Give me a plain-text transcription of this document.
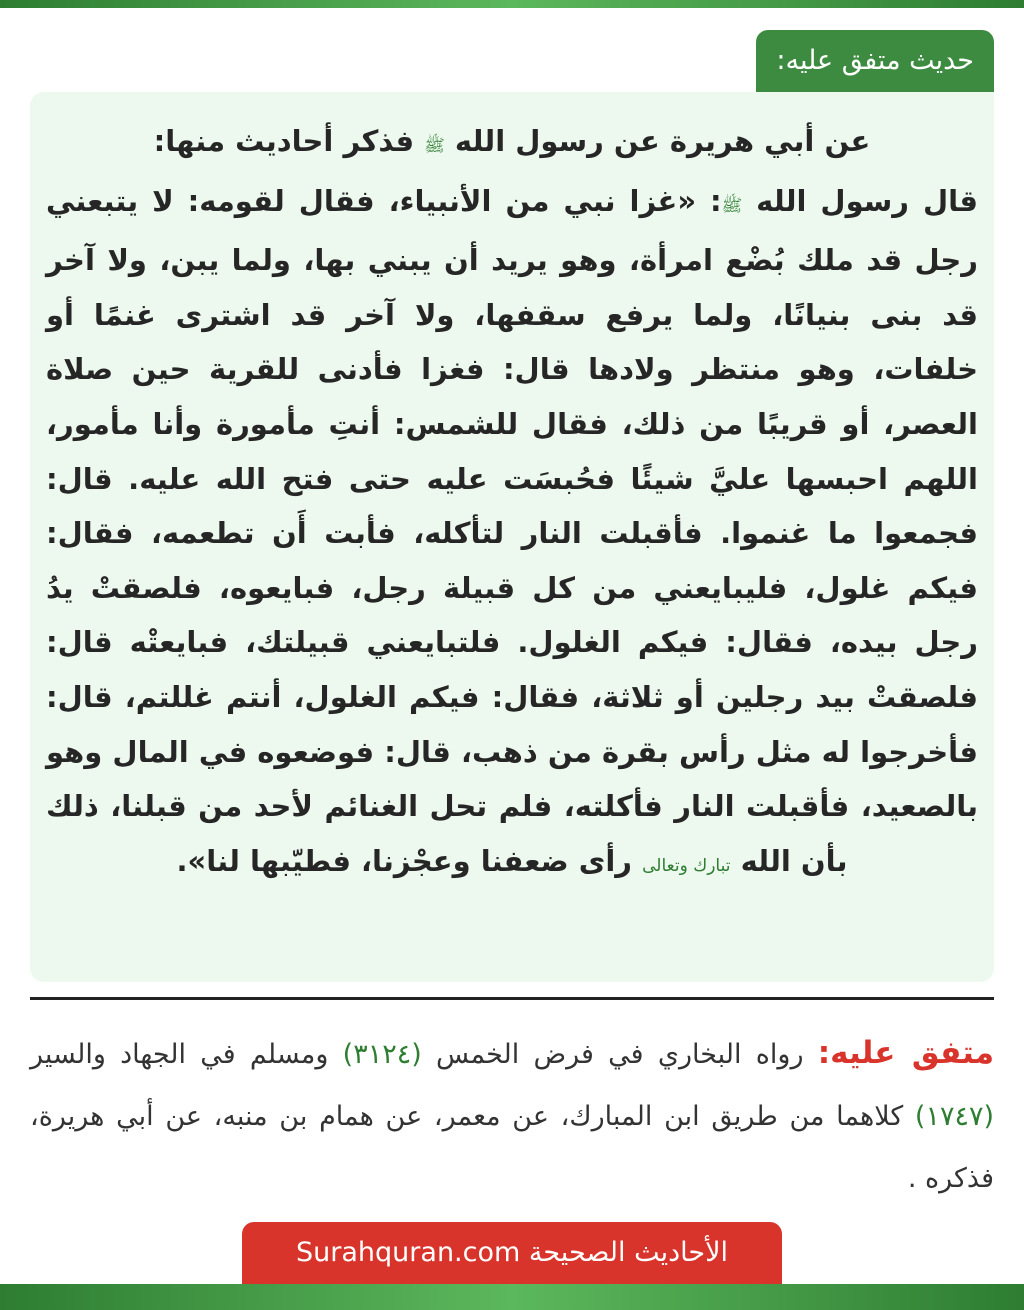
حديث متفق عليه:

عن أبي هريرة عن رسول الله ﷺ فذكر أحاديث منها:

قال رسول الله ﷺ: «غزا نبي من الأنبياء، فقال لقومه: لا يتبعني رجل قد ملك بُضْع امرأة، وهو يريد أن يبني بها، ولما يبن، ولا آخر قد بنى بنيانًا، ولما يرفع سقفها، ولا آخر قد اشترى غنمًا أو خلفات، وهو منتظر ولادها قال: فغزا فأدنى للقرية حين صلاة العصر، أو قريبًا من ذلك، فقال للشمس: أنتِ مأمورة وأنا مأمور، اللهم احبسها عليَّ شيئًا فحُبسَت عليه حتى فتح الله عليه. قال: فجمعوا ما غنموا. فأقبلت النار لتأكله، فأبت أَن تطعمه، فقال: فيكم غلول، فليبايعني من كل قبيلة رجل، فبايعوه، فلصقتْ يدُ رجل بيده، فقال: فيكم الغلول. فلتبايعني قبيلتك، فبايعتْه قال: فلصقتْ بيد رجلين أو ثلاثة، فقال: فيكم الغلول، أنتم غللتم، قال: فأخرجوا له مثل رأس بقرة من ذهب، قال: فوضعوه في المال وهو بالصعيد، فأقبلت النار فأكلته، فلم تحل الغنائم لأحد من قبلنا، ذلك بأن الله تبارك وتعالى رأى ضعفنا وعجْزنا، فطيّبها لنا».

متفق عليه: رواه البخاري في فرض الخمس (٣١٢٤) ومسلم في الجهاد والسير (١٧٤٧) كلاهما من طريق ابن المبارك، عن معمر، عن همام بن منبه، عن أبي هريرة، فذكره .

الأحاديث الصحيحة Surahquran.com
